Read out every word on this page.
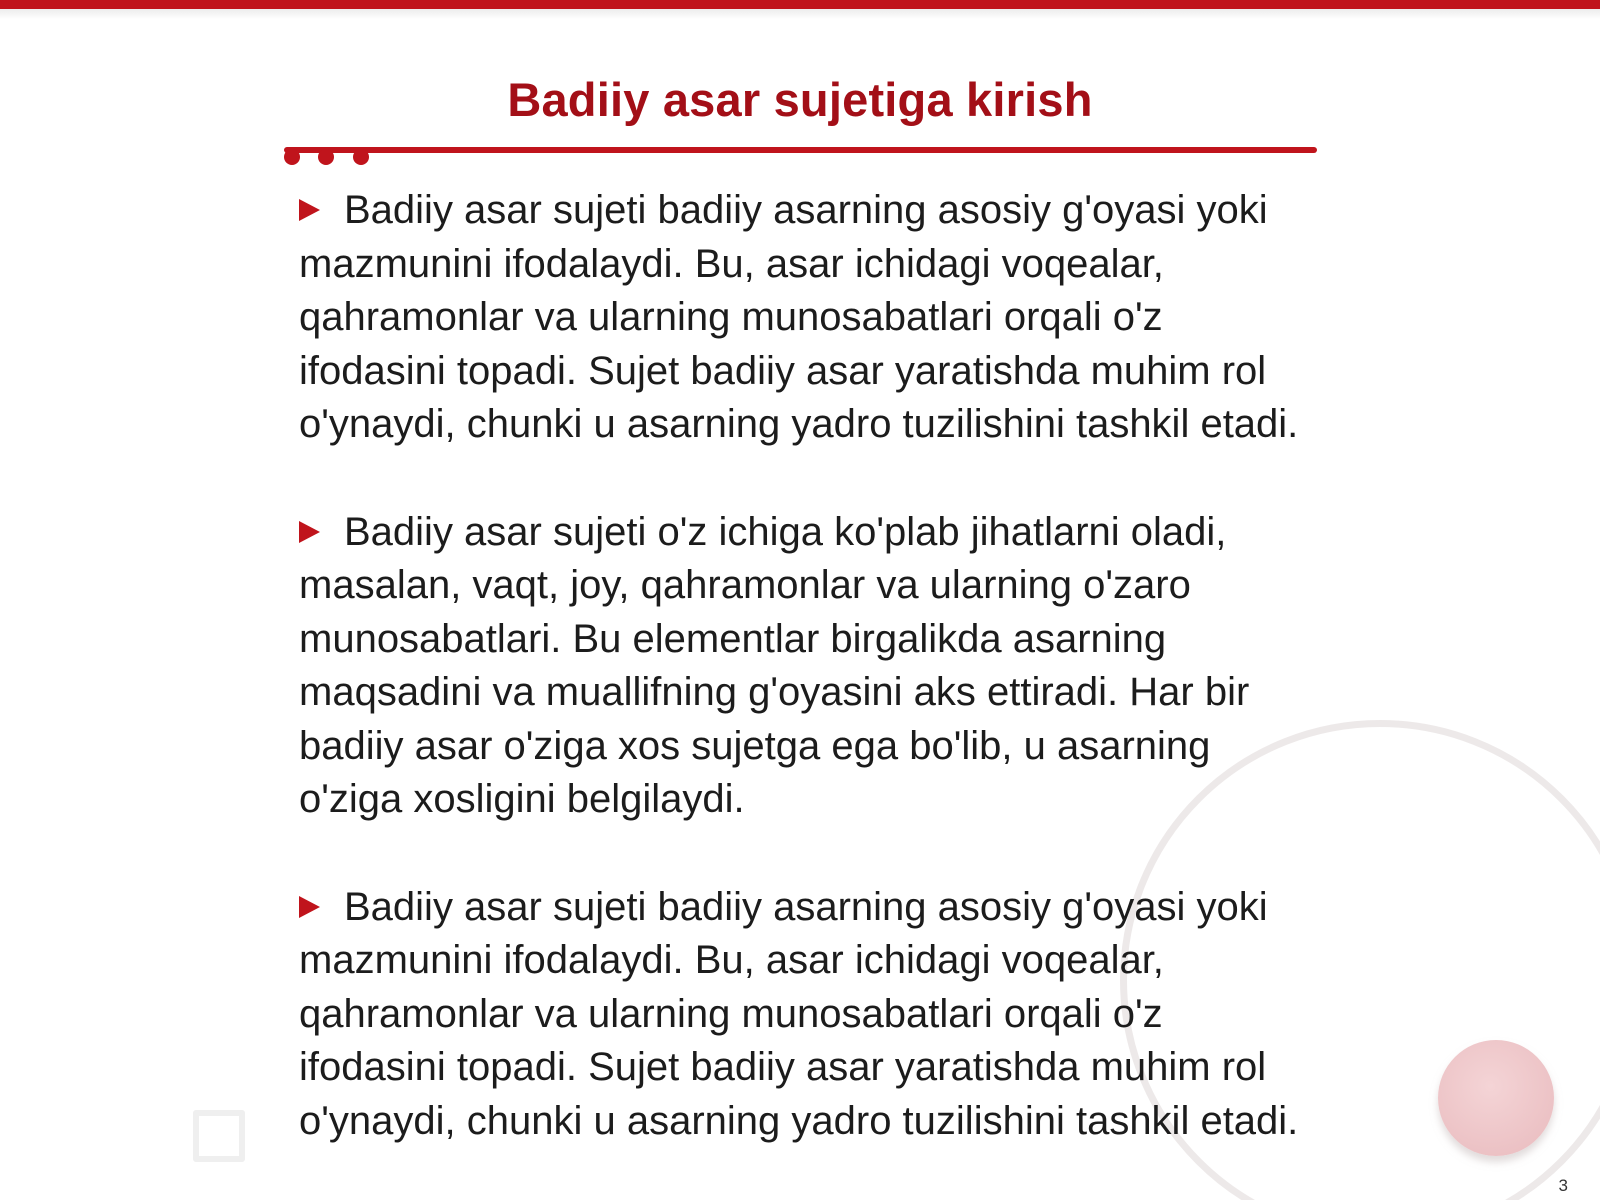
Badiiy asar sujetiga kirish

Badiiy asar sujeti badiiy asarning asosiy g'oyasi yoki mazmunini ifodalaydi. Bu, asar ichidagi voqealar, qahramonlar va ularning munosabatlari orqali o'z ifodasini topadi. Sujet badiiy asar yaratishda muhim rol o'ynaydi, chunki u asarning yadro tuzilishini tashkil etadi.

Badiiy asar sujeti o'z ichiga ko'plab jihatlarni oladi, masalan, vaqt, joy, qahramonlar va ularning o'zaro munosabatlari. Bu elementlar birgalikda asarning maqsadini va muallifning g'oyasini aks ettiradi. Har bir badiiy asar o'ziga xos sujetga ega bo'lib, u asarning o'ziga xosligini belgilaydi.

Badiiy asar sujeti badiiy asarning asosiy g'oyasi yoki mazmunini ifodalaydi. Bu, asar ichidagi voqealar, qahramonlar va ularning munosabatlari orqali o'z ifodasini topadi. Sujet badiiy asar yaratishda muhim rol o'ynaydi, chunki u asarning yadro tuzilishini tashkil etadi.

3
